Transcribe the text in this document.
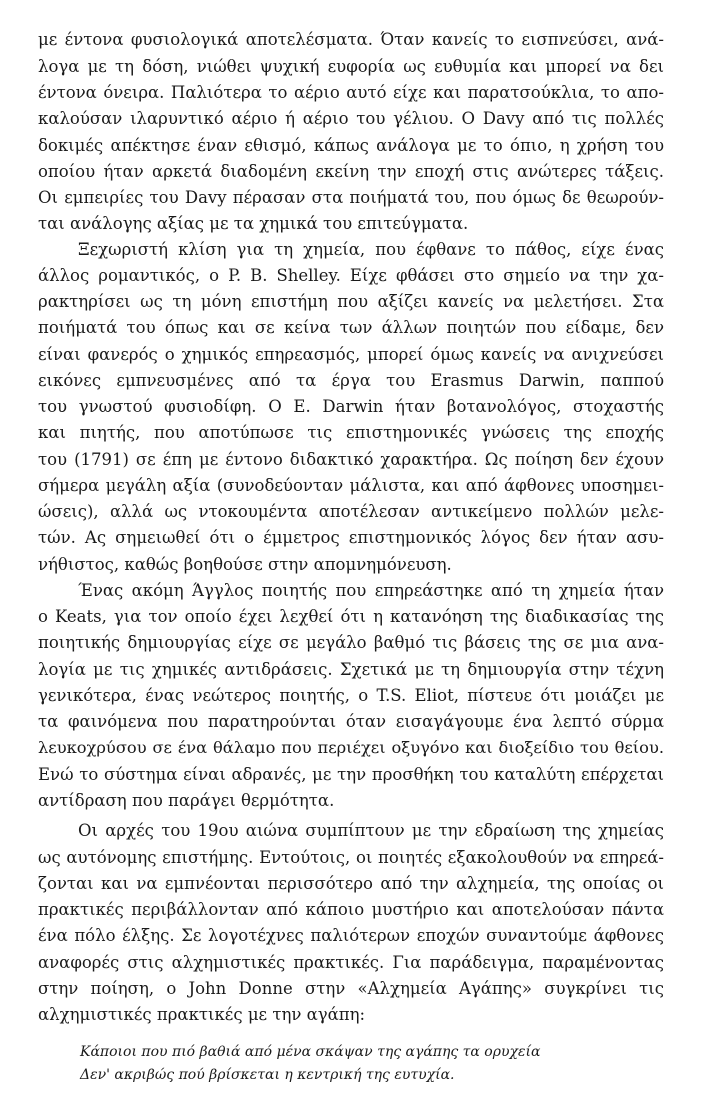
με έντονα φυσιολογικά αποτελέσματα. Όταν κανείς το εισπνεύσει, ανά-
λογα με τη δόση, νιώθει ψυχική ευφορία ως ευθυμία και μπορεί να δει
έντονα όνειρα. Παλιότερα το αέριο αυτό είχε και παρατσούκλια, το απο-
καλούσαν ιλαρυντικό αέριο ή αέριο του γέλιου. Ο Davy από τις πολλές
δοκιμές απέκτησε έναν εθισμό, κάπως ανάλογα με το όπιο, η χρήση του
οποίου ήταν αρκετά διαδομένη εκείνη την εποχή στις ανώτερες τάξεις.
Οι εμπειρίες του Davy πέρασαν στα ποιήματά του, που όμως δε θεωρούν-
ται ανάλογης αξίας με τα χημικά του επιτεύγματα.
Ξεχωριστή κλίση για τη χημεία, που έφθανε το πάθος, είχε ένας
άλλος ρομαντικός, ο P. B. Shelley. Είχε φθάσει στο σημείο να την χα-
ρακτηρίσει ως τη μόνη επιστήμη που αξίζει κανείς να μελετήσει. Στα
ποιήματά του όπως και σε κείνα των άλλων ποιητών που είδαμε, δεν
είναι φανερός ο χημικός επηρεασμός, μπορεί όμως κανείς να ανιχνεύσει
εικόνες εμπνευσμένες από τα έργα του Erasmus Darwin, παππού
του γνωστού φυσιοδίφη. Ο E. Darwin ήταν βοτανολόγος, στοχαστής
και πιητής, που αποτύπωσε τις επιστημονικές γνώσεις της εποχής
του (1791) σε έπη με έντονο διδακτικό χαρακτήρα. Ως ποίηση δεν έχουν
σήμερα μεγάλη αξία (συνοδεύονταν μάλιστα, και από άφθονες υποσημει-
ώσεις), αλλά ως ντοκουμέντα αποτέλεσαν αντικείμενο πολλών μελε-
τών. Ας σημειωθεί ότι ο έμμετρος επιστημονικός λόγος δεν ήταν ασυ-
νήθιστος, καθώς βοηθούσε στην απομνημόνευση.
Ένας ακόμη Άγγλος ποιητής που επηρεάστηκε από τη χημεία ήταν
ο Keats, για τον οποίο έχει λεχθεί ότι η κατανόηση της διαδικασίας της
ποιητικής δημιουργίας είχε σε μεγάλο βαθμό τις βάσεις της σε μια ανα-
λογία με τις χημικές αντιδράσεις. Σχετικά με τη δημιουργία στην τέχνη
γενικότερα, ένας νεώτερος ποιητής, ο T.S. Eliot, πίστευε ότι μοιάζει με
τα φαινόμενα που παρατηρούνται όταν εισαγάγουμε ένα λεπτό σύρμα
λευκοχρύσου σε ένα θάλαμο που περιέχει οξυγόνο και διοξείδιο του θείου.
Ενώ το σύστημα είναι αδρανές, με την προσθήκη του καταλύτη επέρχεται
αντίδραση που παράγει θερμότητα.
Οι αρχές του 19ου αιώνα συμπίπτουν με την εδραίωση της χημείας
ως αυτόνομης επιστήμης. Εντούτοις, οι ποιητές εξακολουθούν να επηρεά-
ζονται και να εμπνέονται περισσότερο από την αλχημεία, της οποίας οι
πρακτικές περιβάλλονταν από κάποιο μυστήριο και αποτελούσαν πάντα
ένα πόλο έλξης. Σε λογοτέχνες παλιότερων εποχών συναντούμε άφθονες
αναφορές στις αλχημιστικές πρακτικές. Για παράδειγμα, παραμένοντας
στην ποίηση, ο John Donne στην «Αλχημεία Αγάπης» συγκρίνει τις
αλχημιστικές πρακτικές με την αγάπη:
Κάποιοι που πιό βαθιά από μένα σκάψαν της αγάπης τα ορυχεία
Δεν' ακριβώς πού βρίσκεται η κεντρική της ευτυχία.
